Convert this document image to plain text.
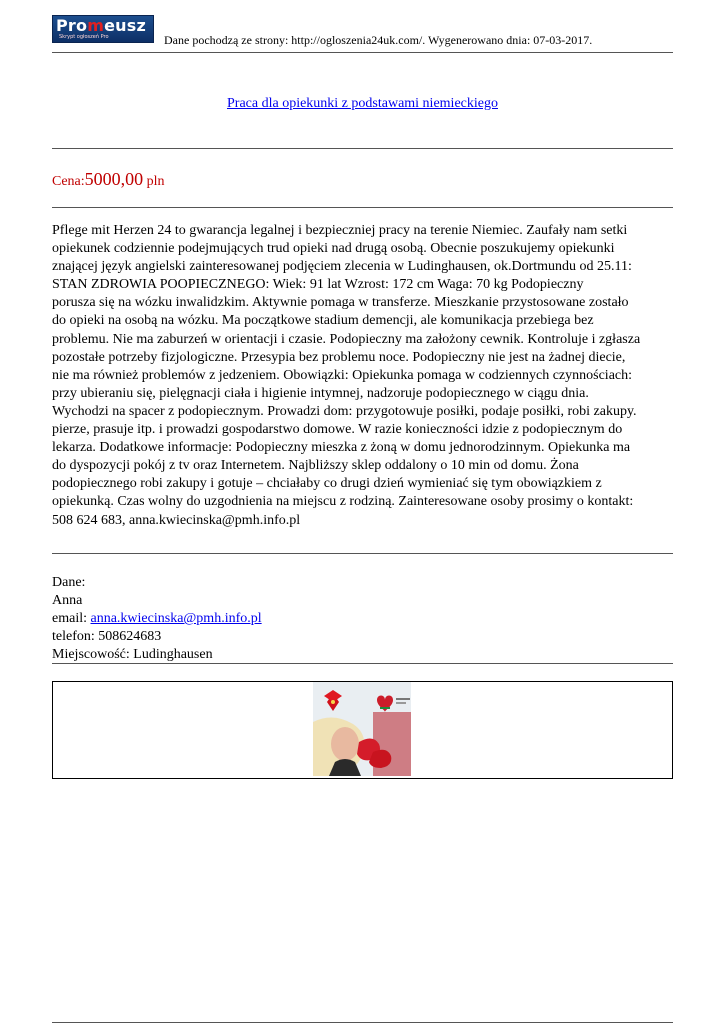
Promeusz
Skrypt ogłoszeń Pro	Dane pochodzą ze strony: http://ogloszenia24uk.com/. Wygenerowano dnia: 07-03-2017.
Praca dla opiekunki z podstawami niemieckiego
Cena:5000,00 pln

Pflege mit Herzen 24 to gwarancja legalnej i bezpieczniej pracy na terenie Niemiec. Zaufały nam setki

opiekunek codziennie podejmujących trud opieki nad drugą osobą. Obecnie poszukujemy opiekunki

znającej język angielski zainteresowanej podjęciem zlecenia w Ludinghausen, ok.Dortmundu od 25.11:

STAN ZDROWIA POOPIECZNEGO: Wiek: 91 lat Wzrost: 172 cm Waga: 70 kg Podopieczny

porusza się na wózku inwalidzkim. Aktywnie pomaga w transferze. Mieszkanie przystosowane zostało

do opieki na osobą na wózku. Ma początkowe stadium demencji, ale komunikacja przebiega bez

problemu. Nie ma zaburzeń w orientacji i czasie. Podopieczny ma założony cewnik. Kontroluje i zgłasza

pozostałe potrzeby fizjologiczne. Przesypia bez problemu noce. Podopieczny nie jest na żadnej diecie,

nie ma również problemów z jedzeniem. Obowiązki: Opiekunka pomaga w codziennych czynnościach:

przy ubieraniu się, pielęgnacji ciała i higienie intymnej, nadzoruje podopiecznego w ciągu dnia.

Wychodzi na spacer z podopiecznym. Prowadzi dom: przygotowuje posiłki, podaje posiłki, robi zakupy.

pierze, prasuje itp. i prowadzi gospodarstwo domowe. W razie konieczności idzie z podopiecznym do

lekarza. Dodatkowe informacje: Podopieczny mieszka z żoną w domu jednorodzinnym. Opiekunka ma

do dyspozycji pokój z tv oraz Internetem. Najbliższy sklep oddalony o 10 min od domu. Żona

podopiecznego robi zakupy i gotuje – chciałaby co drugi dzień wymieniać się tym obowiązkiem z

opiekunką. Czas wolny do uzgodnienia na miejscu z rodziną. Zainteresowane osoby prosimy o kontakt:

508 624 683, anna.kwiecinska@pmh.info.pl

Dane:
Anna
email: anna.kwiecinska@pmh.info.pl
telefon: 508624683
Miejscowość: Ludinghausen
